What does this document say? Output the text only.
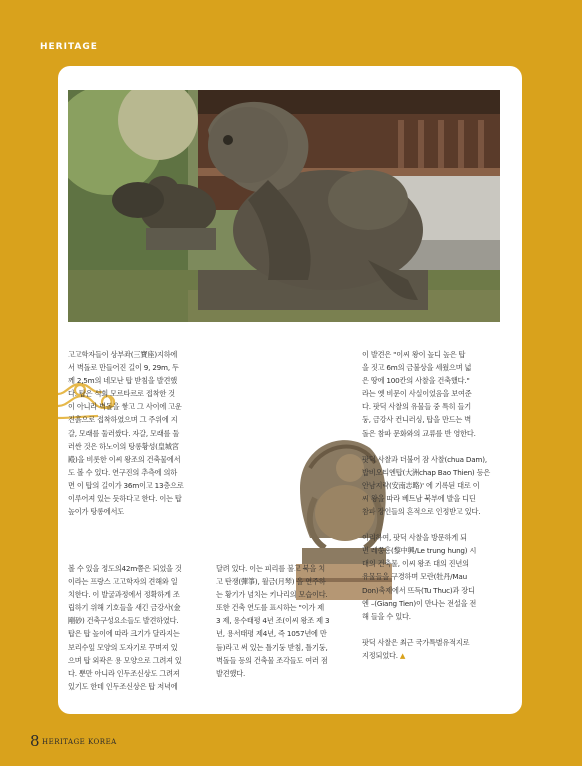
HERITAGE

고고학자들이 상부좌(三寶座)지하에
서 벽돌로 만들어진 길이 9, 29m, 두
께 2,5m의 네모난 탑 받침을 발견했
다. 탑은 석회 모르타르로 접착한 것
이 아니라 벽돌을 쌓고 그 사이에 고운
진흙으로 접착하였으며 그 주위에 지
갈, 모래를 둘러쌌다. 자갈, 모래를 둘
러싼 것은 하노이의 탕롱황성(皇城宮
殿)을 비롯한 이씨 왕조의 건축물에서
도 볼 수 있다. 연구진의 추측에 의하
면 이 탑의 길이가 36m이고 13층으로
이루어져 있는 듯하다고 한다. 이는 탑
높이가 탕롱에서도

볼 수 있을 정도의42m쯤은 되었을 것
이라는 프랑스 고고학자의 견해와 일
치한다. 이 발굴과정에서 정확하게 조
립하기 위해 기호들을 새긴 금강사(金
剛砂) 건축구성요소들도 발견하였다.
탑은 탑 높이에 따라 크기가 달라지는
보리수잎 모양의 도자기로 꾸며져 있
으며 탑 외곽은 용 모양으로 그려져 있
다. 뿐만 아니라 인두조신상도 그려져
있기도 한데 인두조신상은 탑 저녁에

달려 있다. 이는 피리를 불고 북을 치
고 탄쟁(彈箏), 월금(月琴) 을 연주하
는 황기가 넘치는 키나리의 모습이다.
또한 건축 연도를 표시하는 "이가 제
3 제, 용수태평 4년 조(이씨 왕조 제 3
년, 용서태평 제4년, 즉 1057년에 만
듬)라고 써 있는 틀기둥 받침, 틀기둥,
벽돌들 등의 건축물 조각들도 여러 점
발견했다.

이 발견은 "이씨 왕이 높디 높은 탑
을 짓고 6m의 금불상을 세웠으며 넓
은 땅에 100칸의 사찰을 건축했다."
라는 옛 비문이 사실이었음을 보여준
다. 팟딕 사찰의 유물들 중 특히 들기
둥, 금강사 컨니러싱, 탑을 만드는 벽
돌은 참파 문화와의 교류를 반 영한다.

팟딕 사찰과 더불어 잠 사찰(chua Dam),
밥비오티엔탑(大洲chap Bao Thien) 등은
안남지략(安南志略)' 에 기록된 대로 이
씨 왕을 따라 베트남 북부에 발을 디딘
참파 장인들의 흔적으로 인정받고 있다.

이리하여, 팟딕 사찰을 방문하게 되
면 레쭝흥(黎中興/Le trung hung) 시
대의 건축물, 이씨 왕조 대의 진년의
유물들을 구경하며 모란(牡丹/Mau
Don)축제에서 뜨득(Tu Thuc)과 장디
엔 –(Giang Tien)이 만나는 전설을 전
해 들을 수 있다.

팟딕 사찰은 최근 국가특별유적지로
지정되었다. ▲

8 HERITAGE KOREA
